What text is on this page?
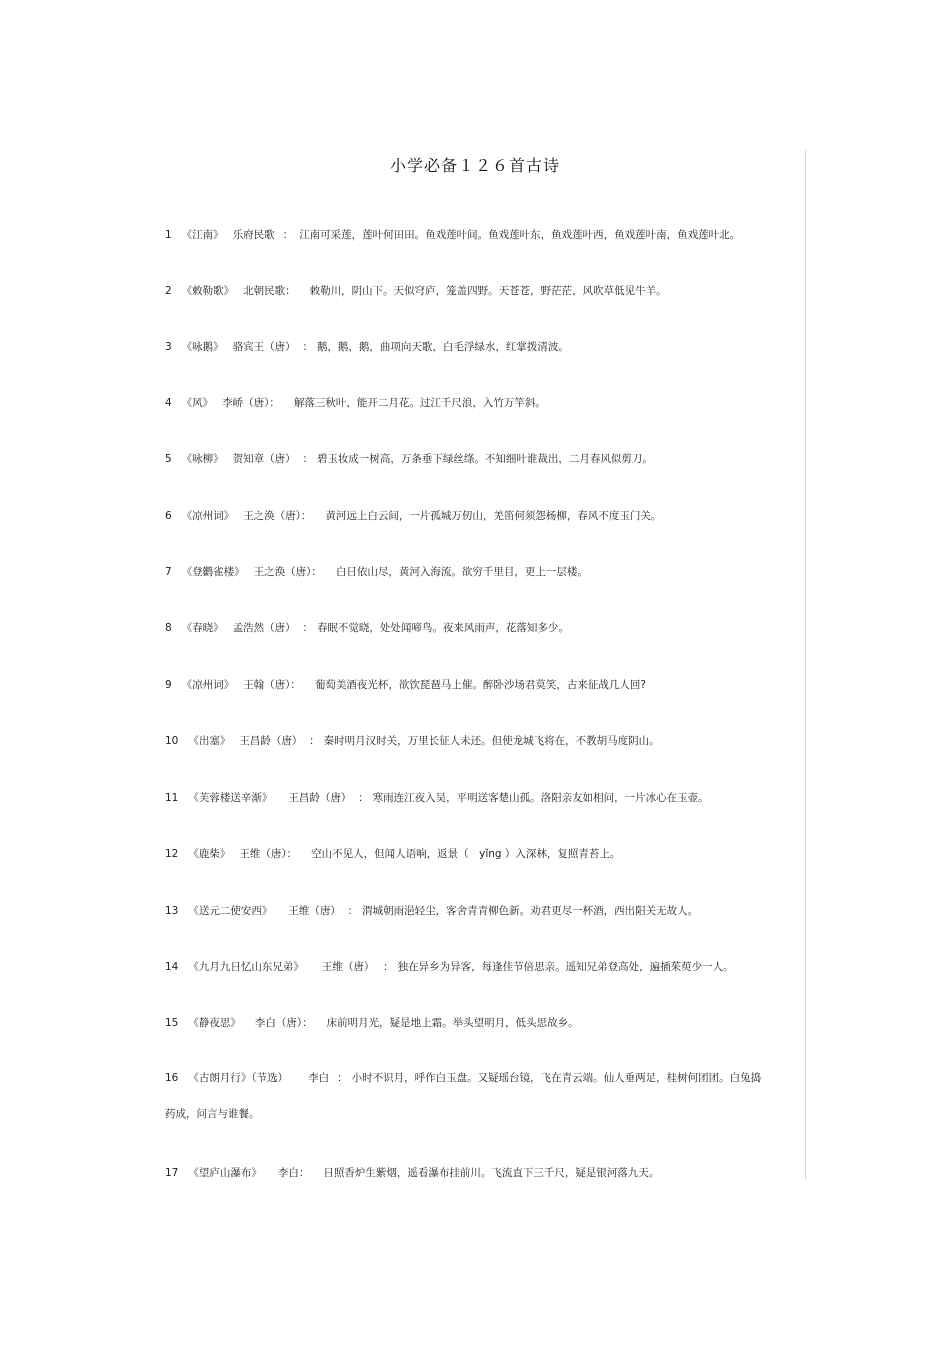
小学必备１２６首古诗
1 《江南》 乐府民歌 ： 江南可采莲，莲叶何田田。鱼戏莲叶间。鱼戏莲叶东，鱼戏莲叶西，鱼戏莲叶南，鱼戏莲叶北。
2 《敕勒歌》 北朝民歌： 敕勒川，阴山下。天似穹庐，笼盖四野。天苍苍，野茫茫，风吹草低见牛羊。
3 《咏鹅》 骆宾王（唐） ： 鹅，鹅，鹅，曲项向天歌，白毛浮绿水，红掌拨清波。
4 《风》 李峤（唐）： 解落三秋叶，能开二月花。过江千尺浪，入竹万竿斜。
5 《咏柳》 贺知章（唐） ： 碧玉妆成一树高，万条垂下绿丝绦。不知细叶谁裁出，二月春风似剪刀。
6 《凉州词》 王之涣（唐）： 黄河远上白云间，一片孤城万仞山，羌笛何须怨杨柳，春风不度玉门关。
7 《登鹳雀楼》 王之涣（唐）： 白日依山尽，黄河入海流。欲穷千里目，更上一层楼。
8 《春晓》 孟浩然（唐） ： 春眠不觉晓，处处闻啼鸟。夜来风雨声，花落知多少。
9 《凉州词》 王翰（唐）： 葡萄美酒夜光杯，欲饮琵琶马上催。醉卧沙场君莫笑，古来征战几人回?
10 《出塞》 王昌龄（唐） ： 秦时明月汉时关，万里长征人未还。但使龙城飞将在，不教胡马度阴山。
11 《芙蓉楼送辛渐》 王昌龄（唐） ： 寒雨连江夜入吴，平明送客楚山孤。洛阳亲友如相问，一片冰心在玉壶。
12 《鹿柴》 王维（唐）： 空山不见人，但闻人语响，返景（　yǐng ）入深林，复照青苔上。
13 《送元二使安西》 王维（唐） ： 渭城朝雨浥轻尘，客舍青青柳色新。劝君更尽一杯酒，西出阳关无故人。
14 《九月九日忆山东兄弟》 王维（唐） ： 独在异乡为异客，每逢佳节倍思亲。遥知兄弟登高处，遍插茱萸少一人。
15 《静夜思》 李白（唐）： 床前明月光，疑是地上霜。举头望明月，低头思故乡。
16 《古朗月行》（节选） 李白 ： 小时不识月，呼作白玉盘。又疑瑶台镜，飞在青云端。仙人垂两足，桂树何团团。白兔捣药成，问言与谁餐。
17 《望庐山瀑布》 李白： 日照香炉生紫烟，遥看瀑布挂前川。飞流直下三千尺，疑是银河落九天。
